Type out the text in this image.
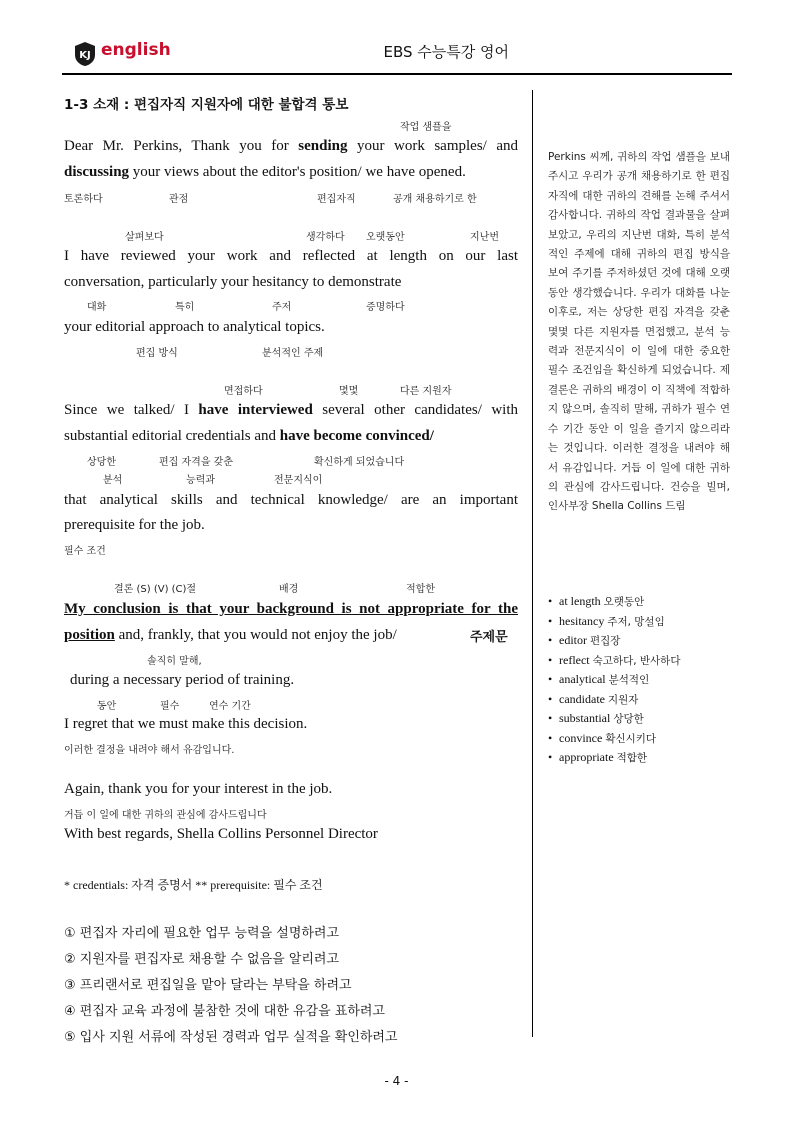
KJ english	EBS 수능특강 영어
1-3 소재 : 편집자직 지원자에 대한 불합격 통보
작업 샘플을
Dear Mr. Perkins, Thank you for sending your work samples/ and
discussing your views about the editor's position/ we have opened.
토론하다	관점	편집자직	공개 채용하기로 한
살펴보다	생각하다 오랫동안	지난번
I have reviewed your work and reflected at length on our last
conversation, particularly your hesitancy to demonstrate
대화	특히	주저	증명하다
your editorial approach to analytical topics.
편집 방식	분석적인 주제
면접하다	몇몇	다른 지원자
Since we talked/ I have interviewed several other candidates/ with
substantial editorial credentials and have become convinced/
상당한	편집 자격을 갖춘	확신하게 되었습니다
분석	능력과	전문지식이
that analytical skills and technical knowledge/ are an important
prerequisite for the job.
필수 조건
결론 (S) (V) (C)절	배경	적합한
My conclusion is that your background is not appropriate for the
position and, frankly, that you would not enjoy the job/	주제문
솔직히 말해,
during a necessary period of training.
동안	필수	연수 기간
I regret that we must make this decision.
이러한 결정을 내려야 해서 유감입니다.
Again, thank you for your interest in the job.
거듭 이 일에 대한 귀하의 관심에 감사드립니다
With best regards, Shella Collins Personnel Director
* credentials: 자격 증명서 ** prerequisite: 필수 조건
① 편집자 자리에 필요한 업무 능력을 설명하려고
② 지원자를 편집자로 채용할 수 없음을 알리려고
③ 프리랜서로 편집일을 맡아 달라는 부탁을 하려고
④ 편집자 교육 과정에 불참한 것에 대한 유감을 표하려고
⑤ 입사 지원 서류에 작성된 경력과 업무 실적을 확인하려고
Perkins 씨께, 귀하의 작업 샘플을 보내 주시고 우리가 공개 채용하기로 한 편집자직에 대한 귀하의 견해를 논해 주셔서 감사합니다. 귀하의 작업 결과물을 살펴보았고, 우리의 지난번 대화, 특히 분석적인 주제에 대해 귀하의 편집 방식을 보여 주기를 주저하셨던 것에 대해 오랫동안 생각했습니다. 우리가 대화를 나눈 이후로, 저는 상당한 편집 자격을 갖춘 몇몇 다른 지원자를 면접했고, 분석 능력과 전문지식이 이 일에 대한 중요한 필수 조건임을 확신하게 되었습니다. 제 결론은 귀하의 배경이 이 직책에 적합하지 않으며, 솔직히 말해, 귀하가 필수 연수 기간 동안 이 일을 즐기지 않으리라는 것입니다. 이러한 결정을 내려야 해서 유감입니다. 거듭 이 일에 대한 귀하의 관심에 감사드립니다. 건승을 빌며, 인사부장 Shella Collins 드림
• at length 오랫동안
• hesitancy 주저, 망설임
• editor 편집장
• reflect 숙고하다, 반사하다
• analytical 분석적인
• candidate 지원자
• substantial 상당한
• convince 확신시키다
• appropriate 적합한
- 4 -
